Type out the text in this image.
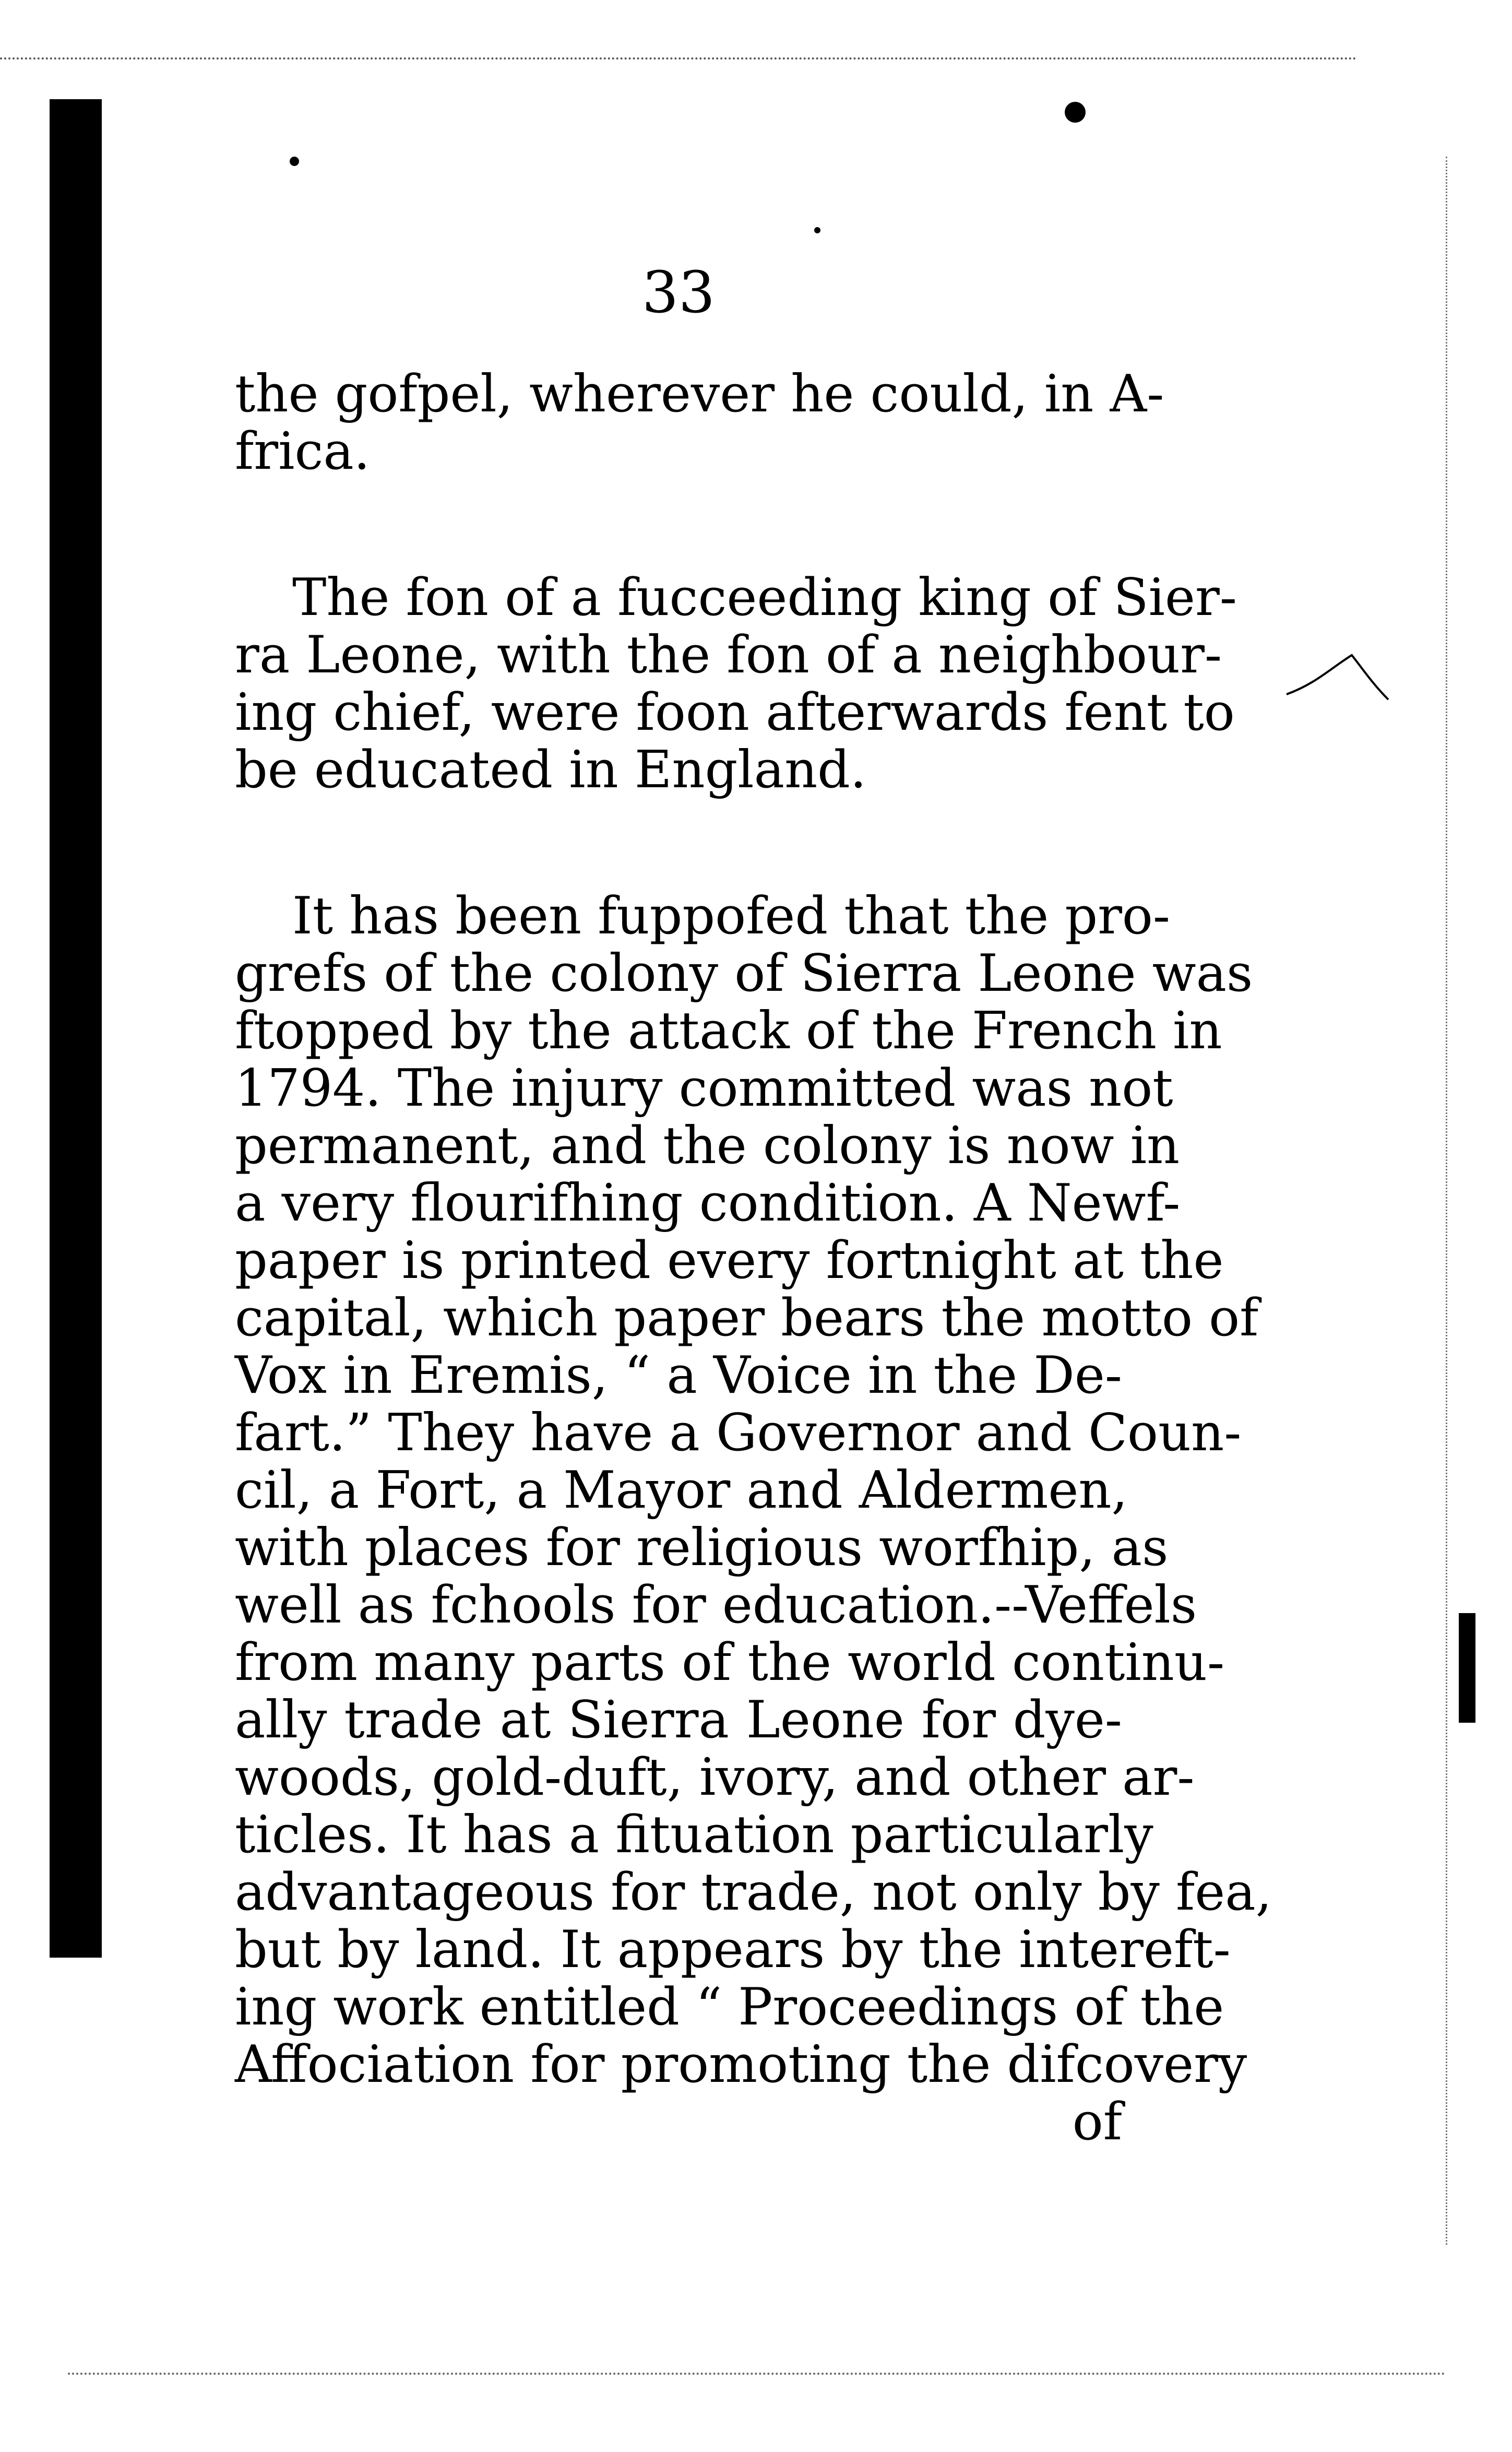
33

the gofpel, wherever he could, in A-
frica.

The fon of a fucceeding king of Sier-
ra Leone, with the fon of a neighbour-
ing chief, were foon afterwards fent to
be educated in England.

It has been fuppofed that the pro-
grefs of the colony of Sierra Leone was
ftopped by the attack of the French in
1794. The injury committed was not
permanent, and the colony is now in
a very flourifhing condition. A Newf-
paper is printed every fortnight at the
capital, which paper bears the motto of
Vox in Eremis, “ a Voice in the De-
fart.” They have a Governor and Coun-
cil, a Fort, a Mayor and Aldermen,
with places for religious worfhip, as
well as fchools for education.--Veffels
from many parts of the world continu-
ally trade at Sierra Leone for dye-
woods, gold-duft, ivory, and other ar-
ticles. It has a fituation particularly
advantageous for trade, not only by fea,
but by land. It appears by the intereft-
ing work entitled “ Proceedings of the
Affociation for promoting the difcovery

of
